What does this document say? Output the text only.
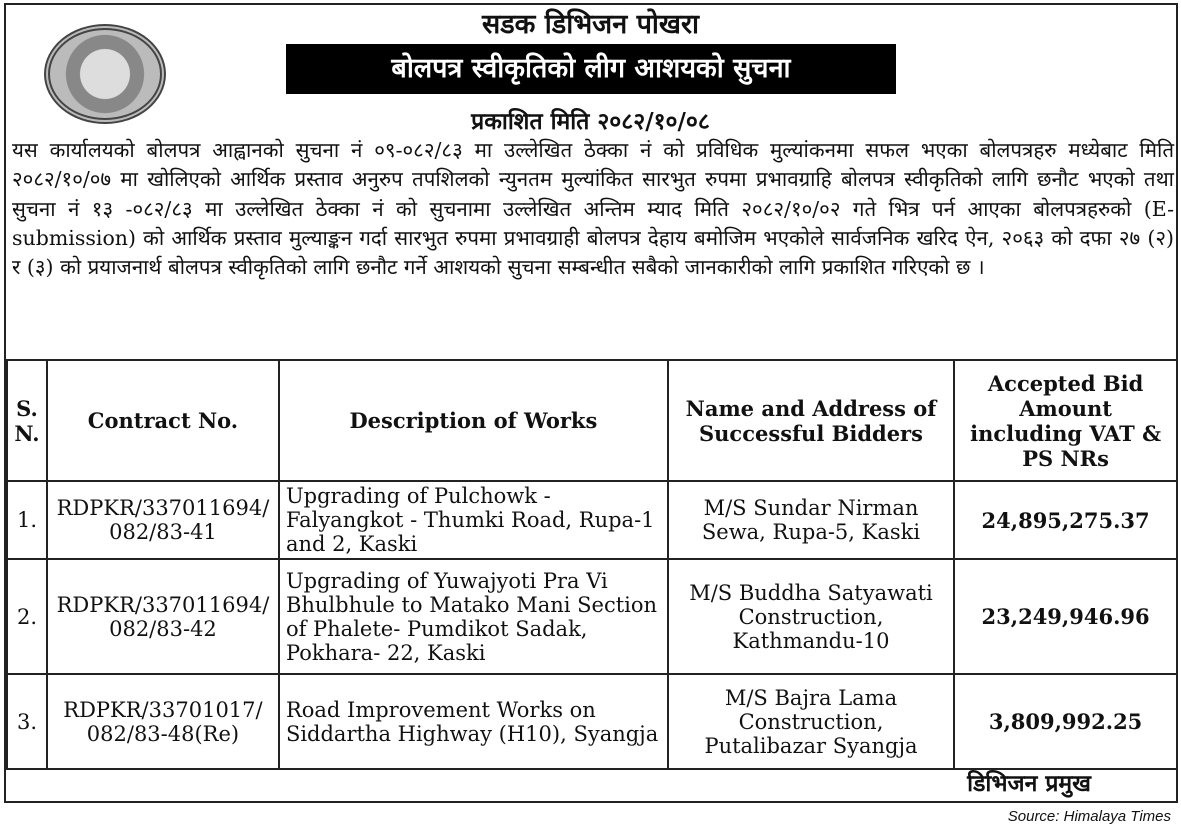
सडक डिभिजन पोखरा
बोलपत्र स्वीकृतिको लीग आशयको सुचना
प्रकाशित मिति २०८२/१०/०८
यस कार्यालयको बोलपत्र आह्वानको सुचना नं ०९-०८२/८३ मा उल्लेखित ठेक्का नं को प्रविधिक मुल्यांकनमा सफल भएका बोलपत्रहरु मध्येबाट मिति २०८२/१०/०७ मा खोलिएको आर्थिक प्रस्ताव अनुरुप तपशिलको न्युनतम मुल्यांकित सारभुत रुपमा प्रभावग्राहि बोलपत्र स्वीकृतिको लागि छनौट भएको तथा सुचना नं १३ -०८२/८३ मा उल्लेखित ठेक्का नं को सुचनामा उल्लेखित अन्तिम म्याद मिति २०८२/१०/०२ गते भित्र पर्न आएका बोलपत्रहरुको (E-submission) को आर्थिक प्रस्ताव मुल्याङ्कन गर्दा सारभुत रुपमा प्रभावग्राही बोलपत्र देहाय बमोजिम भएकोले सार्वजनिक खरिद ऐन, २०६३ को दफा २७ (२) र (३) को प्रयाजनार्थ बोलपत्र स्वीकृतिको लागि छनौट गर्ने आशयको सुचना सम्बन्धीत सबैको जानकारीको लागि प्रकाशित गरिएको छ ।
S. N.	Contract No.	Description of Works	Name and Address of Successful Bidders	Accepted Bid Amount including VAT & PS NRs
1.	RDPKR/337011694/ 082/83-41	Upgrading of Pulchowk - Falyangkot - Thumki Road, Rupa-1 and 2, Kaski	M/S Sundar Nirman Sewa, Rupa-5, Kaski	24,895,275.37
2.	RDPKR/337011694/ 082/83-42	Upgrading of Yuwajyoti Pra Vi Bhulbhule to Matako Mani Section of Phalete- Pumdikot Sadak, Pokhara- 22, Kaski	M/S Buddha Satyawati Construction, Kathmandu-10	23,249,946.96
3.	RDPKR/33701017/ 082/83-48(Re)	Road Improvement Works on Siddartha Highway (H10), Syangja	M/S Bajra Lama Construction, Putalibazar Syangja	3,809,992.25
डिभिजन प्रमुख
Source: Himalaya Times
